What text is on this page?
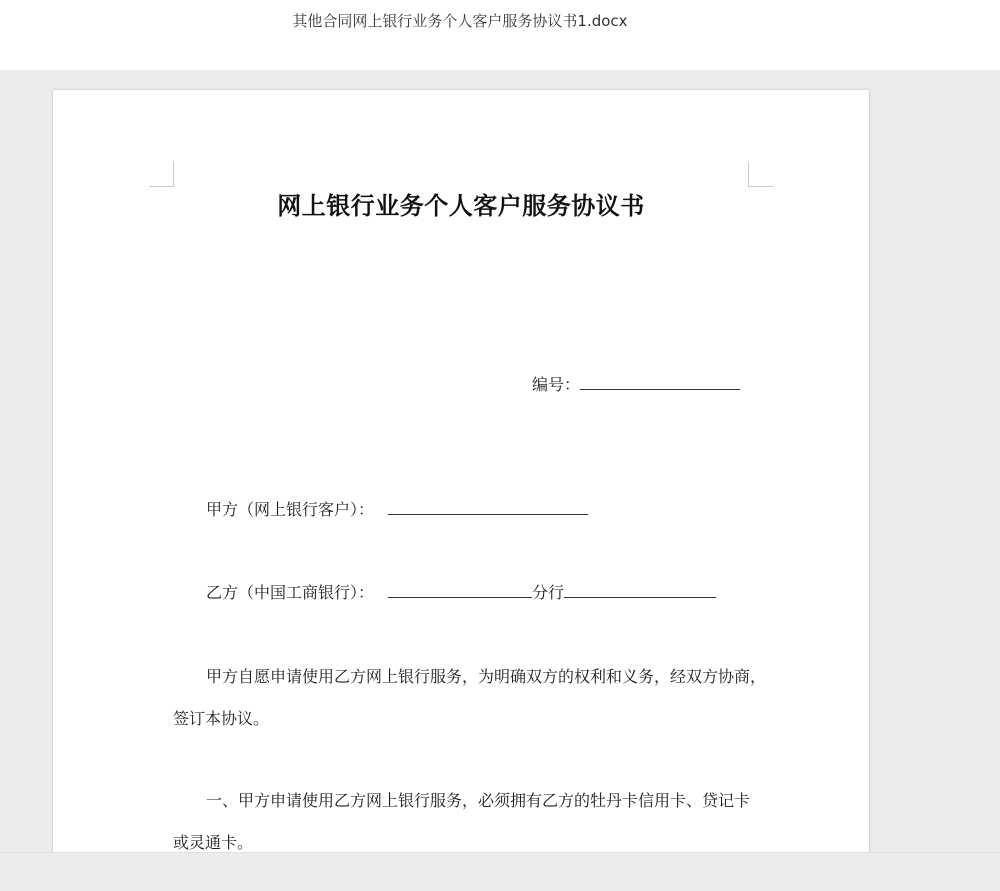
其他合同网上银行业务个人客户服务协议书1.docx
网上银行业务个人客户服务协议书
编号：
甲方（网上银行客户）：
乙方（中国工商银行）：	分行
甲方自愿申请使用乙方网上银行服务，为明确双方的权利和义务，经双方协商，
签订本协议。
一、甲方申请使用乙方网上银行服务，必须拥有乙方的牡丹卡信用卡、贷记卡
或灵通卡。
